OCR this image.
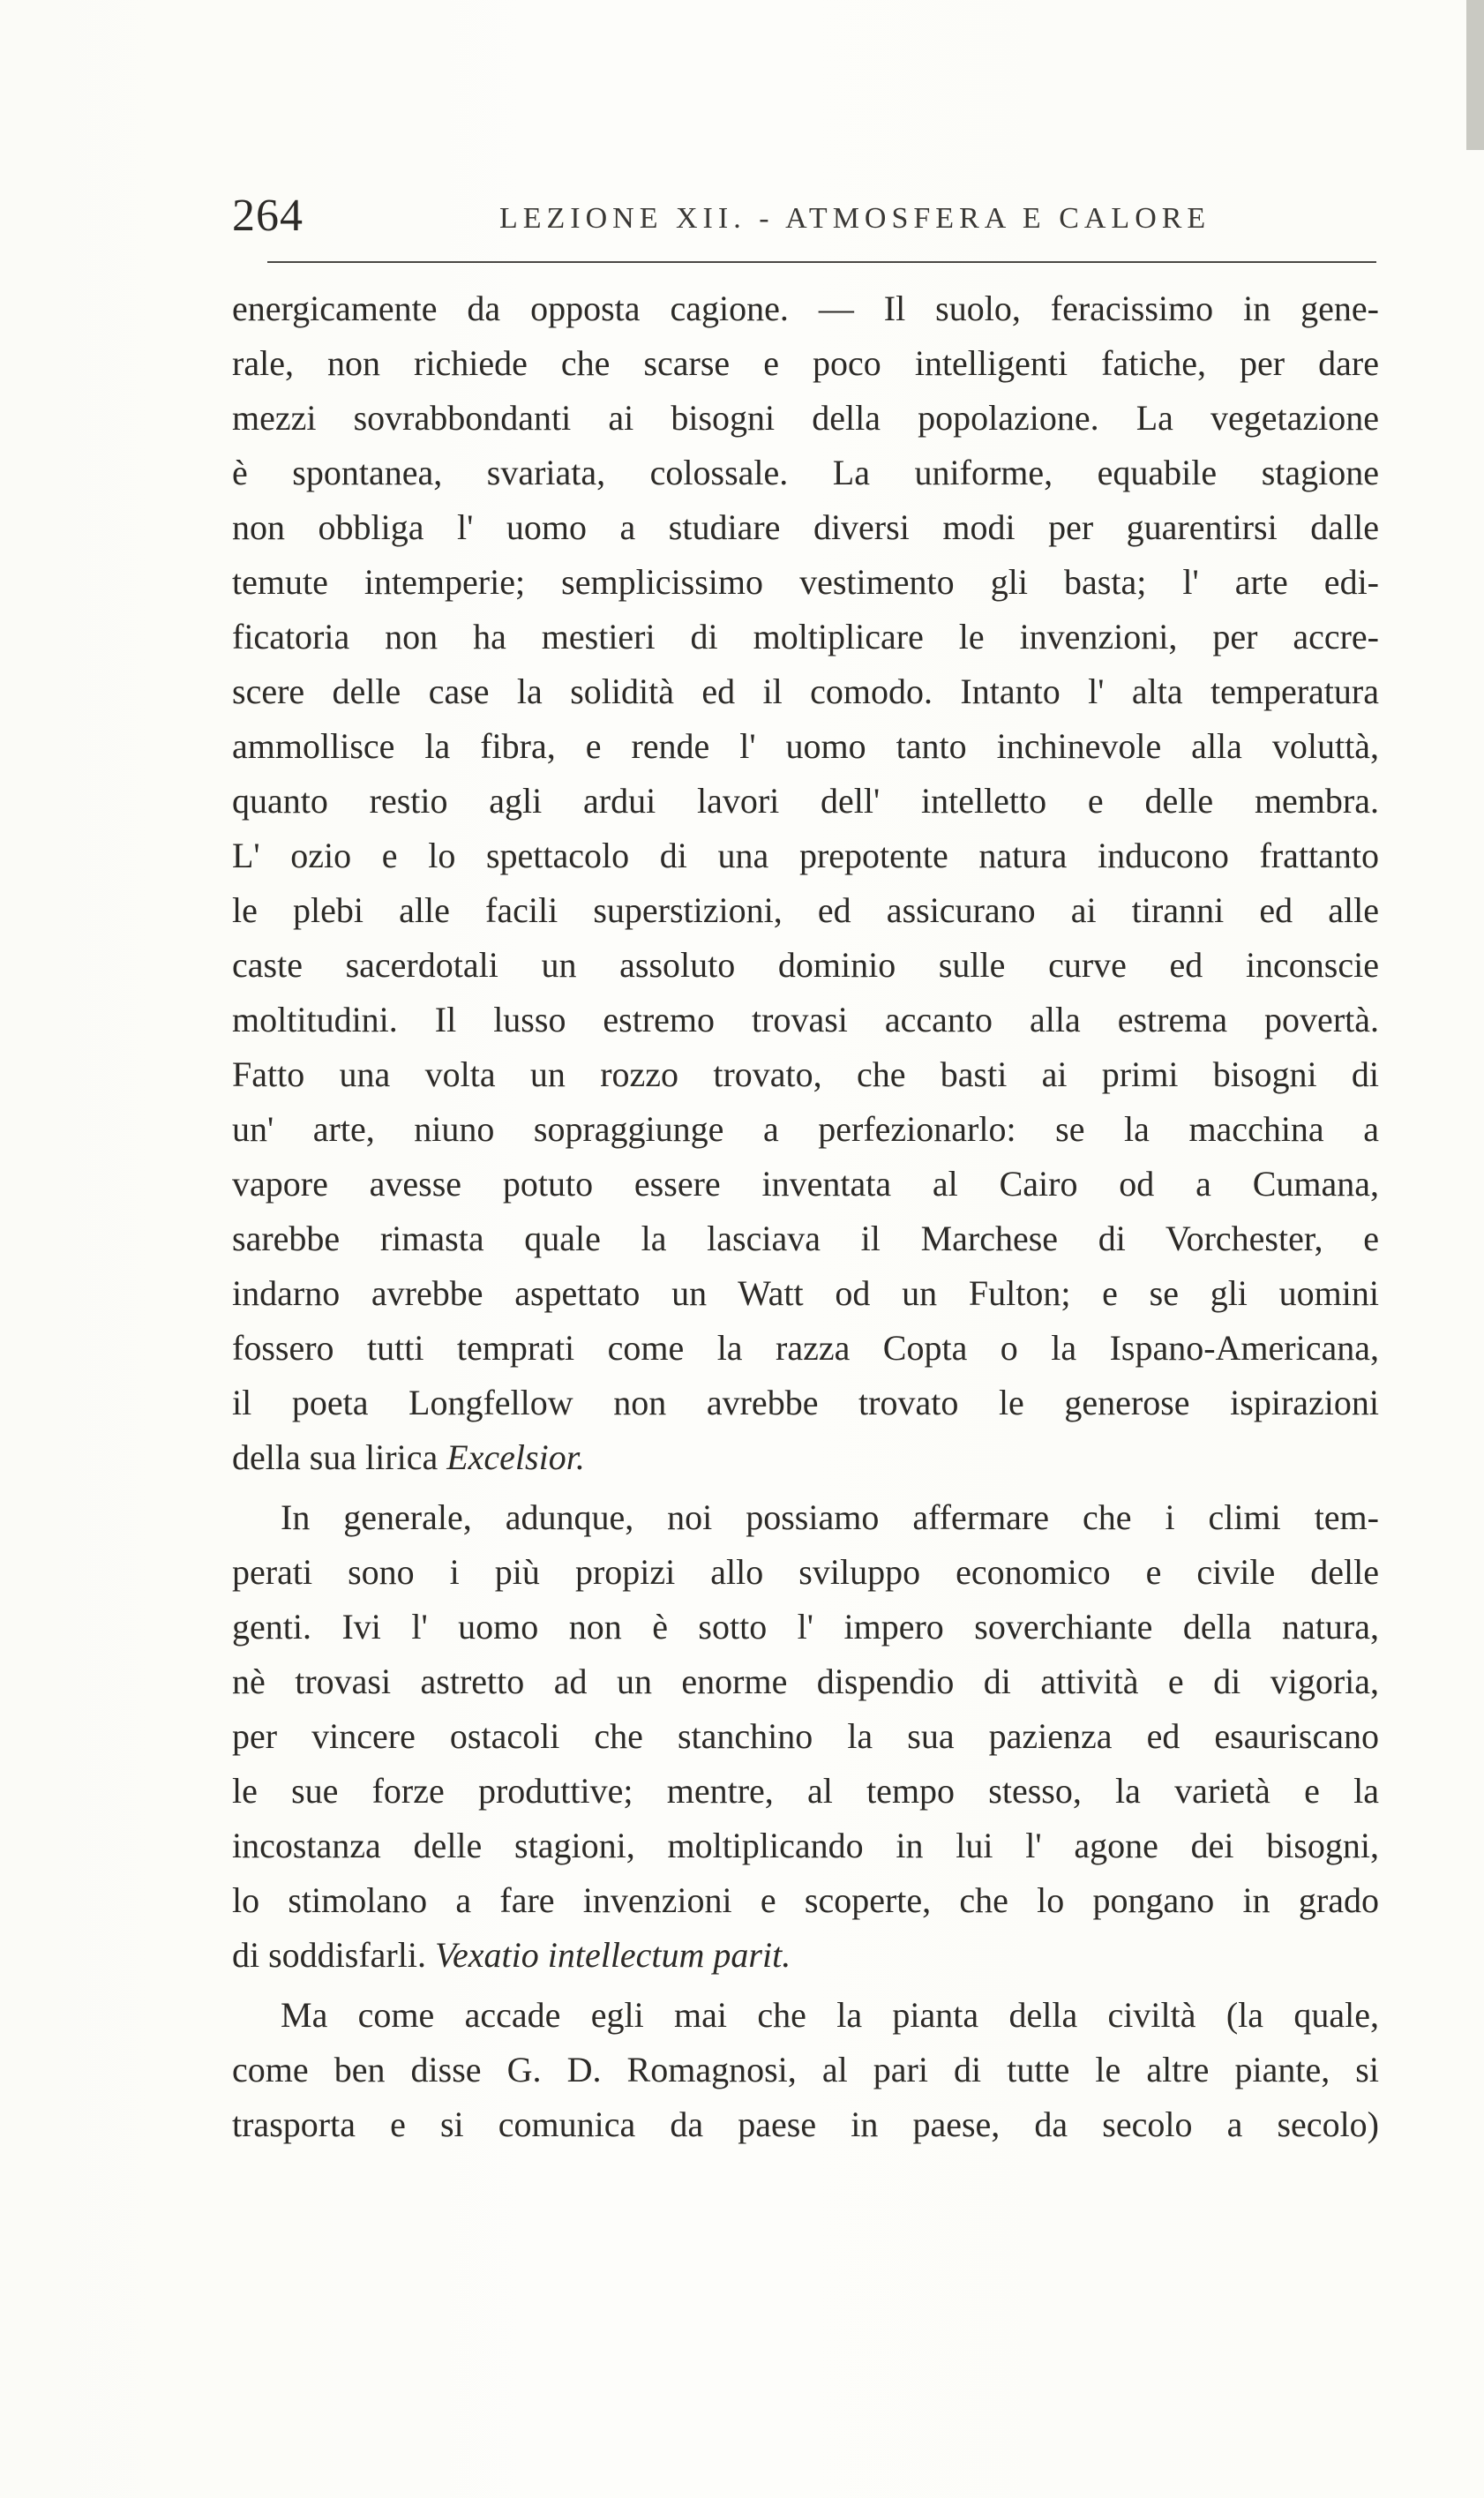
264	LEZIONE XII. - ATMOSFERA E CALORE
energicamente da opposta cagione. — Il suolo, feracissimo in gene-
rale, non richiede che scarse e poco intelligenti fatiche, per dare
mezzi sovrabbondanti ai bisogni della popolazione. La vegetazione
è spontanea, svariata, colossale. La uniforme, equabile stagione
non obbliga l' uomo a studiare diversi modi per guarentirsi dalle
temute intemperie; semplicissimo vestimento gli basta; l' arte edi-
ficatoria non ha mestieri di moltiplicare le invenzioni, per accre-
scere delle case la solidità ed il comodo. Intanto l' alta temperatura
ammollisce la fibra, e rende l' uomo tanto inchinevole alla voluttà,
quanto restio agli ardui lavori dell' intelletto e delle membra.
L' ozio e lo spettacolo di una prepotente natura inducono frattanto
le plebi alle facili superstizioni, ed assicurano ai tiranni ed alle
caste sacerdotali un assoluto dominio sulle curve ed inconscie
moltitudini. Il lusso estremo trovasi accanto alla estrema povertà.
Fatto una volta un rozzo trovato, che basti ai primi bisogni di
un' arte, niuno sopraggiunge a perfezionarlo: se la macchina a
vapore avesse potuto essere inventata al Cairo od a Cumana,
sarebbe rimasta quale la lasciava il Marchese di Vorchester, e
indarno avrebbe aspettato un Watt od un Fulton; e se gli uomini
fossero tutti temprati come la razza Copta o la Ispano-Americana,
il poeta Longfellow non avrebbe trovato le generose ispirazioni
della sua lirica Excelsior.
In generale, adunque, noi possiamo affermare che i climi tem-
perati sono i più propizi allo sviluppo economico e civile delle
genti. Ivi l' uomo non è sotto l' impero soverchiante della natura,
nè trovasi astretto ad un enorme dispendio di attività e di vigoria,
per vincere ostacoli che stanchino la sua pazienza ed esauriscano
le sue forze produttive; mentre, al tempo stesso, la varietà e la
incostanza delle stagioni, moltiplicando in lui l' agone dei bisogni,
lo stimolano a fare invenzioni e scoperte, che lo pongano in grado
di soddisfarli. Vexatio intellectum parit.
Ma come accade egli mai che la pianta della civiltà (la quale,
come ben disse G. D. Romagnosi, al pari di tutte le altre piante, si
trasporta e si comunica da paese in paese, da secolo a secolo)
